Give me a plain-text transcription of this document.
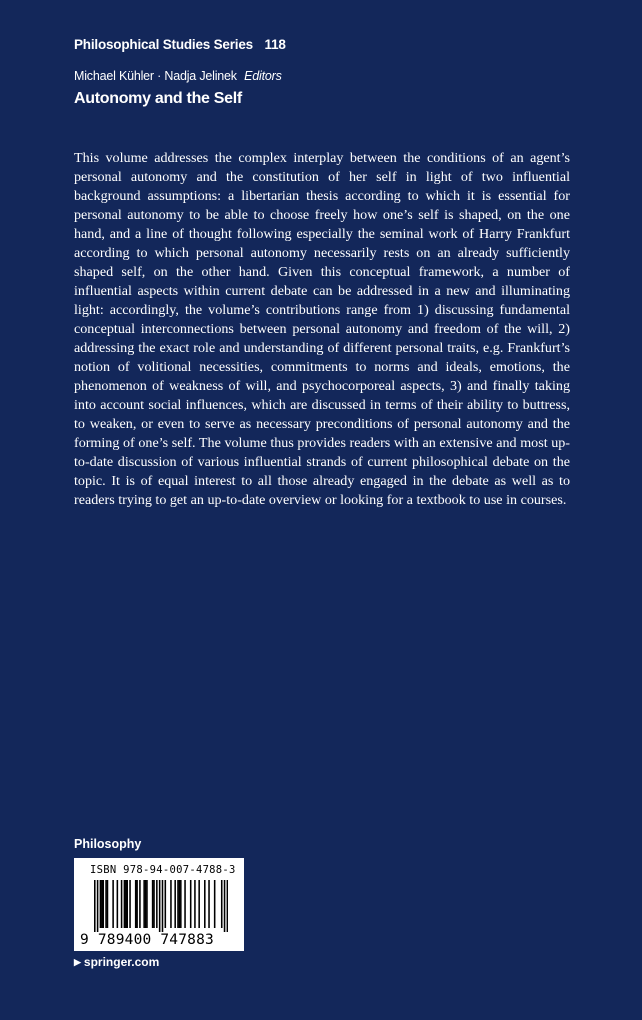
Philosophical Studies Series 118
Michael Kühler · Nadja Jelinek Editors
Autonomy and the Self

This volume addresses the complex interplay between the conditions of an agent’s personal autonomy and the constitution of her self in light of two influential background assumptions: a libertarian thesis according to which it is essential for personal autonomy to be able to choose freely how one’s self is shaped, on the one hand, and a line of thought following especially the seminal work of Harry Frankfurt according to which personal autonomy necessarily rests on an already sufficiently shaped self, on the other hand. Given this conceptual framework, a number of influential aspects within current debate can be addressed in a new and illuminating light: accordingly, the volume’s contributions range from 1) discussing fundamental conceptual interconnections between personal autonomy and freedom of the will, 2) addressing the exact role and understanding of different personal traits, e.g. Frankfurt’s notion of volitional necessities, commitments to norms and ideals, emotions, the phenomenon of weakness of will, and psychocorporeal aspects, 3) and finally taking into account social influences, which are discussed in terms of their ability to buttress, to weaken, or even to serve as necessary preconditions of personal autonomy and the forming of one’s self. The volume thus provides readers with an extensive and most up-to-date discussion of various influential strands of current philosophical debate on the topic. It is of equal interest to all those already engaged in the debate as well as to readers trying to get an up-to-date overview or looking for a textbook to use in courses.

Philosophy
ISBN 978-94-007-4788-3
9 789400 747883
▶ springer.com
